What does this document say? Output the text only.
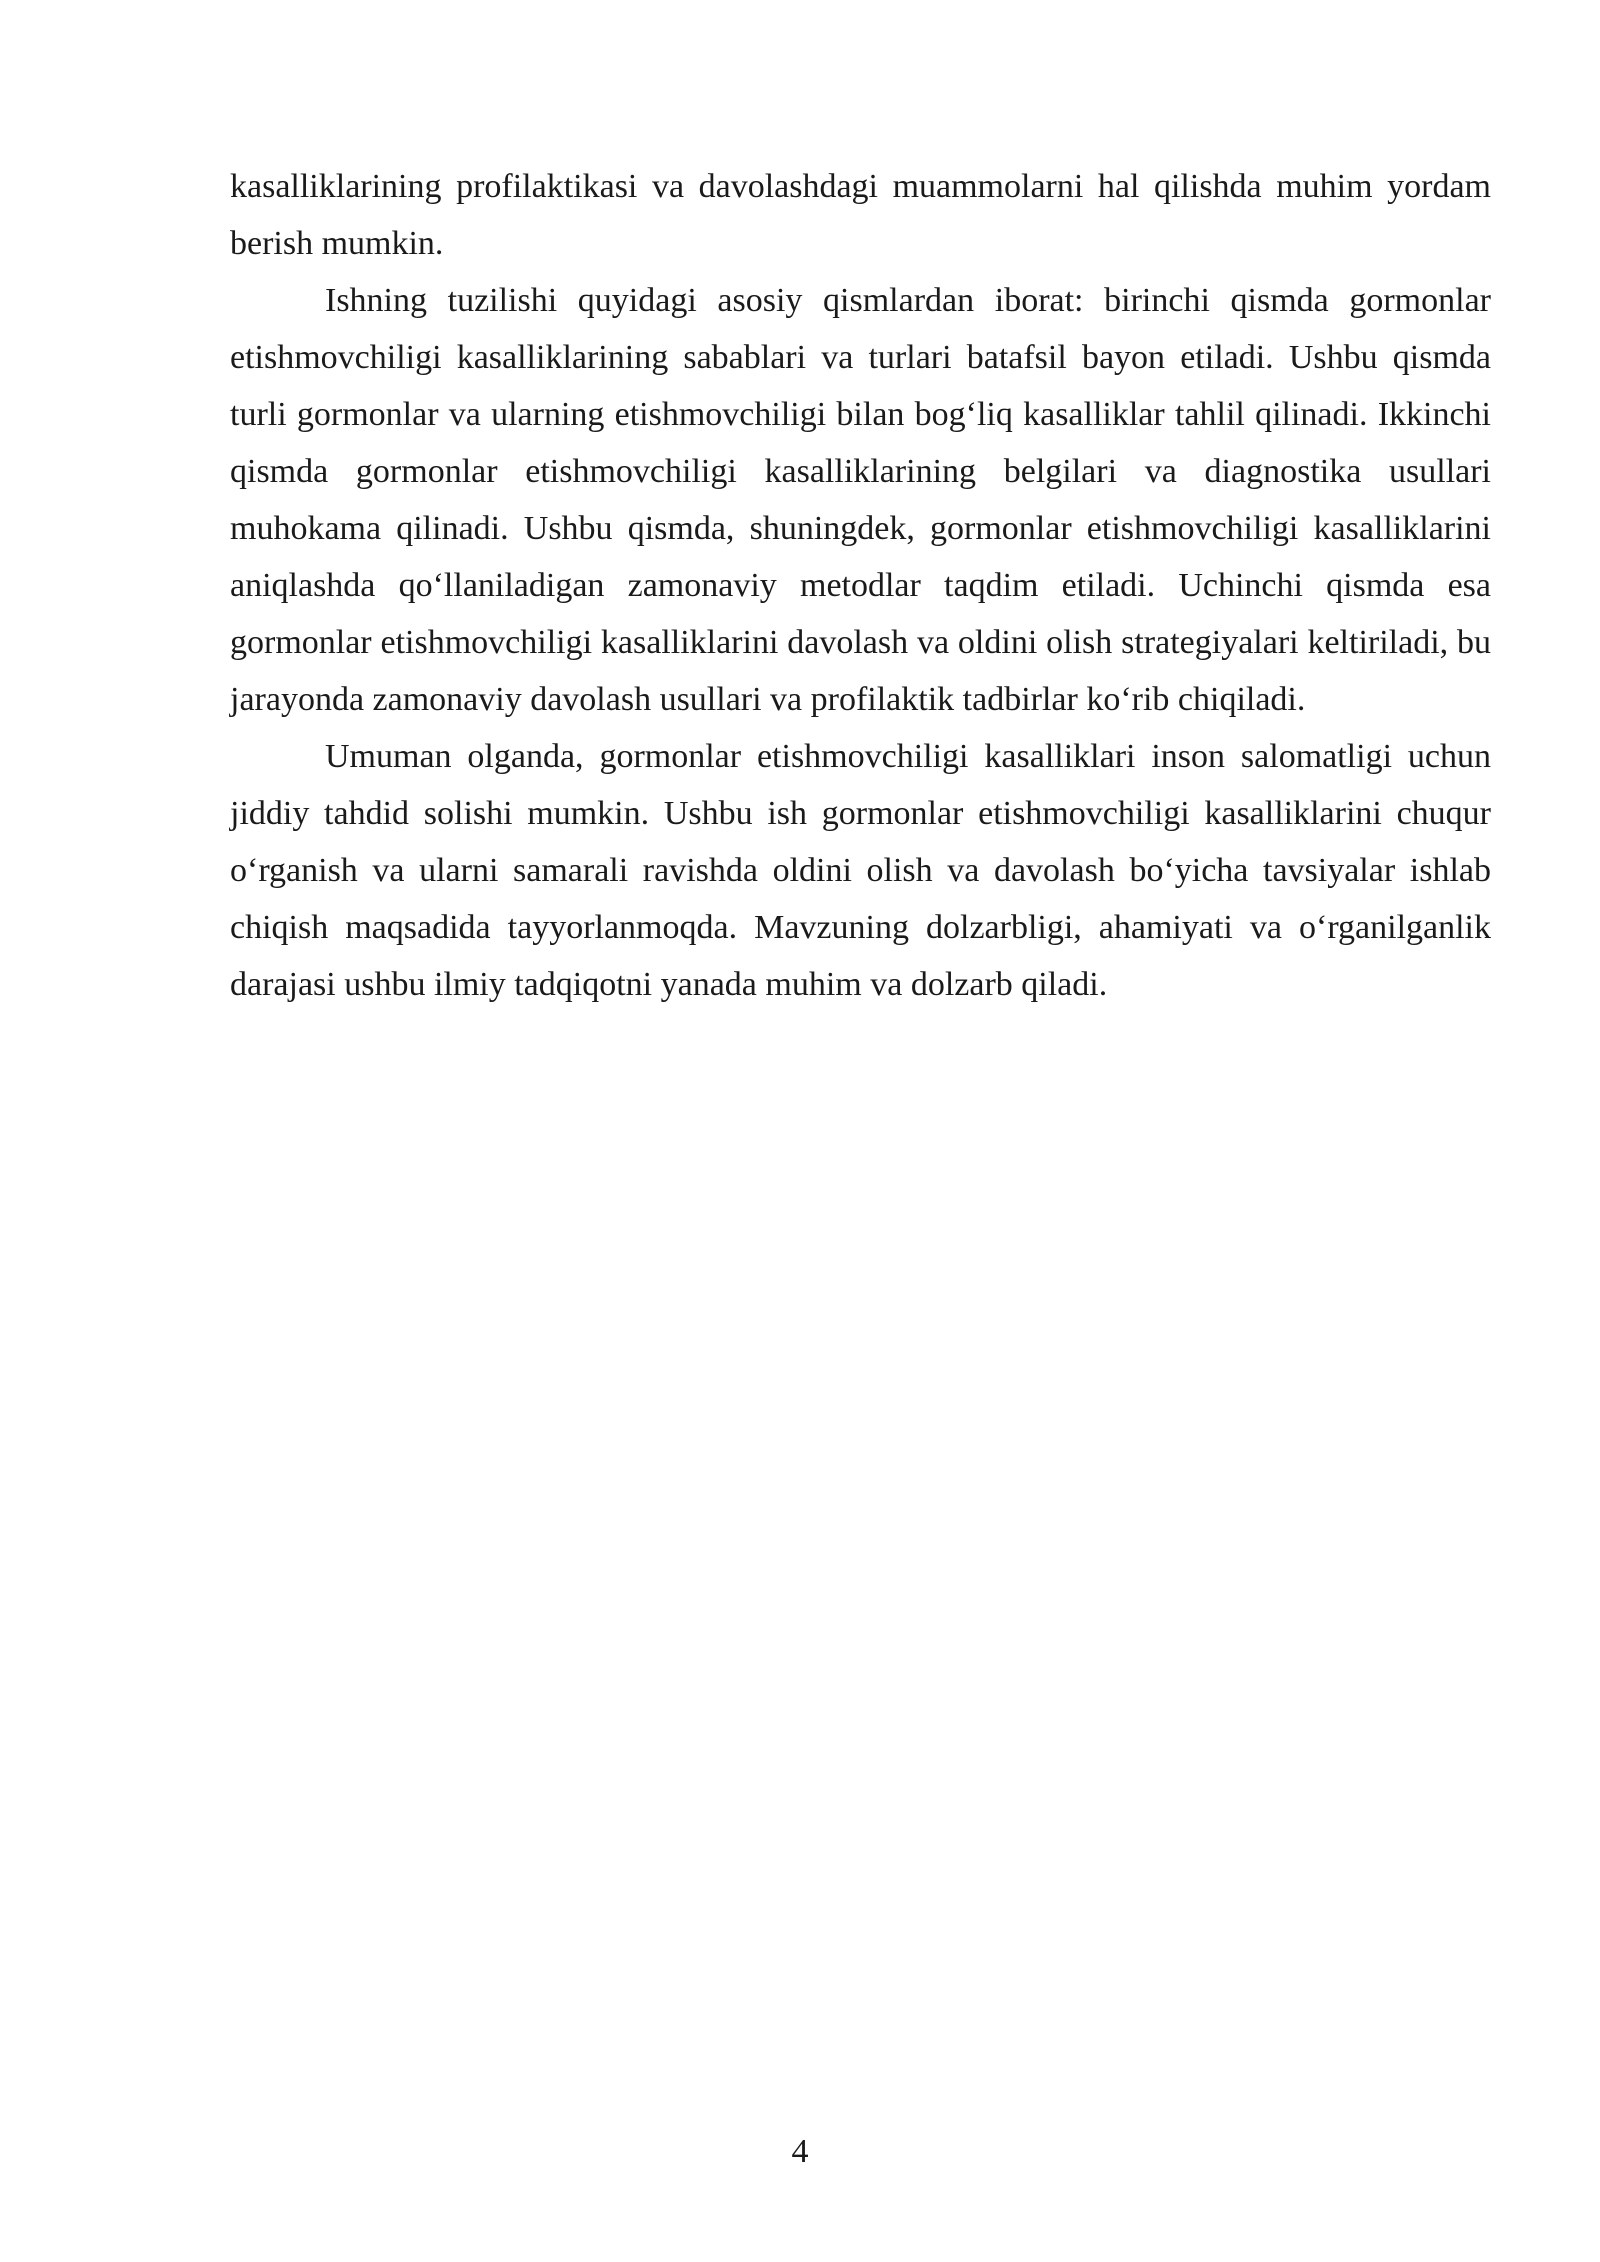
kasalliklarining profilaktikasi va davolashdagi muammolarni hal qilishda muhim yordam berish mumkin.

Ishning tuzilishi quyidagi asosiy qismlardan iborat: birinchi qismda gormonlar etishmovchiligi kasalliklarining sabablari va turlari batafsil bayon etiladi. Ushbu qismda turli gormonlar va ularning etishmovchiligi bilan bog‘liq kasalliklar tahlil qilinadi. Ikkinchi qismda gormonlar etishmovchiligi kasalliklarining belgilari va diagnostika usullari muhokama qilinadi. Ushbu qismda, shuningdek, gormonlar etishmovchiligi kasalliklarini aniqlashda qo‘llaniladigan zamonaviy metodlar taqdim etiladi. Uchinchi qismda esa gormonlar etishmovchiligi kasalliklarini davolash va oldini olish strategiyalari keltiriladi, bu jarayonda zamonaviy davolash usullari va profilaktik tadbirlar ko‘rib chiqiladi.

Umuman olganda, gormonlar etishmovchiligi kasalliklari inson salomatligi uchun jiddiy tahdid solishi mumkin. Ushbu ish gormonlar etishmovchiligi kasalliklarini chuqur o‘rganish va ularni samarali ravishda oldini olish va davolash bo‘yicha tavsiyalar ishlab chiqish maqsadida tayyorlanmoqda. Mavzuning dolzarbligi, ahamiyati va o‘rganilganlik darajasi ushbu ilmiy tadqiqotni yanada muhim va dolzarb qiladi.

4
